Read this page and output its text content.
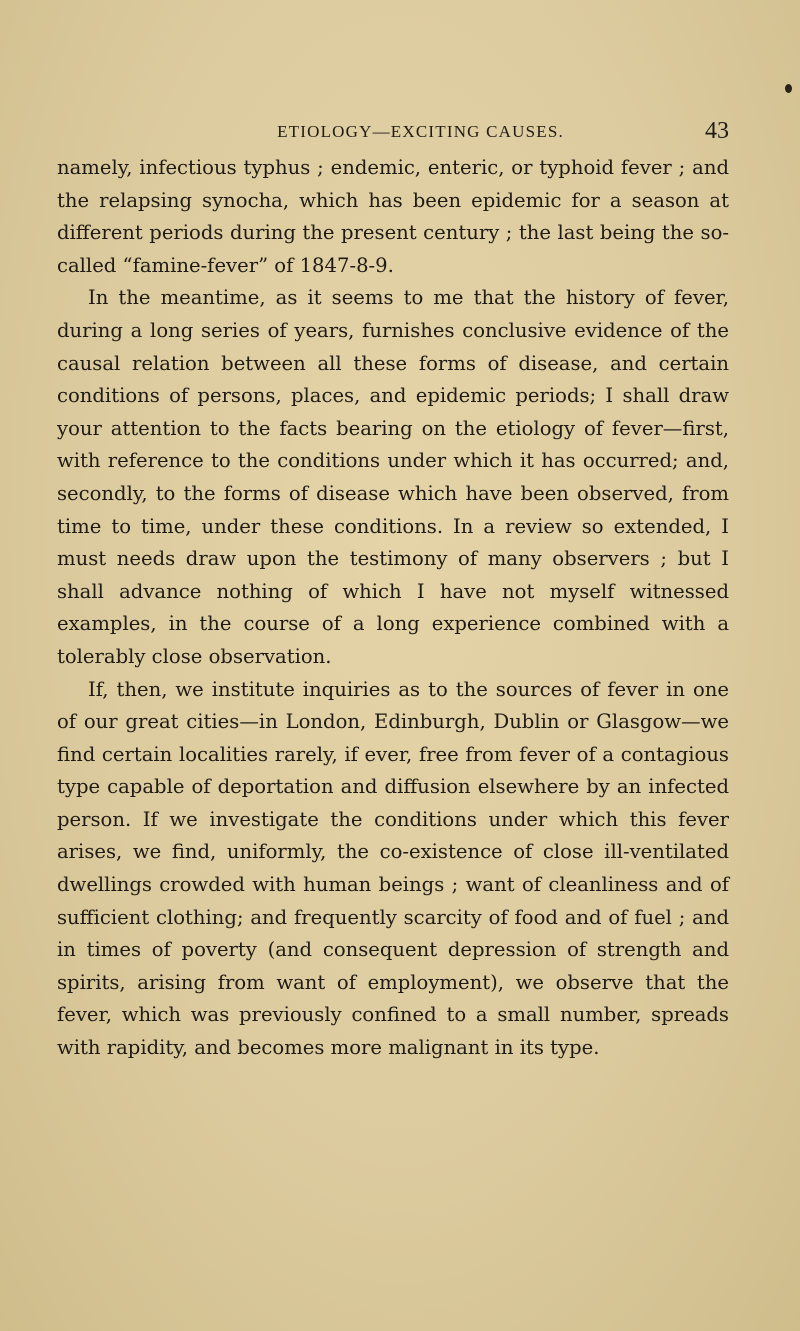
ETIOLOGY—EXCITING CAUSES.	43

namely, infectious typhus ; endemic, enteric, or typhoid fever ; and the relapsing synocha, which has been epidemic for a season at different periods during the present century ; the last being the so-called “famine-fever” of 1847-8-9.

In the meantime, as it seems to me that the history of fever, during a long series of years, furnishes conclusive evidence of the causal relation between all these forms of disease, and certain conditions of persons, places, and epidemic periods; I shall draw your attention to the facts bearing on the etiology of fever—first, with reference to the conditions under which it has occurred; and, secondly, to the forms of disease which have been observed, from time to time, under these conditions. In a review so extended, I must needs draw upon the testimony of many observers ; but I shall advance nothing of which I have not myself witnessed examples, in the course of a long experience combined with a tolerably close observation.

If, then, we institute inquiries as to the sources of fever in one of our great cities—in London, Edinburgh, Dublin or Glasgow—we find certain localities rarely, if ever, free from fever of a contagious type capable of deportation and diffusion elsewhere by an infected person. If we investigate the conditions under which this fever arises, we find, uniformly, the co-existence of close ill-ventilated dwellings crowded with human beings ; want of cleanliness and of sufficient clothing; and frequently scarcity of food and of fuel ; and in times of poverty (and consequent depression of strength and spirits, arising from want of employment), we observe that the fever, which was previously confined to a small number, spreads with rapidity, and becomes more malignant in its type.
